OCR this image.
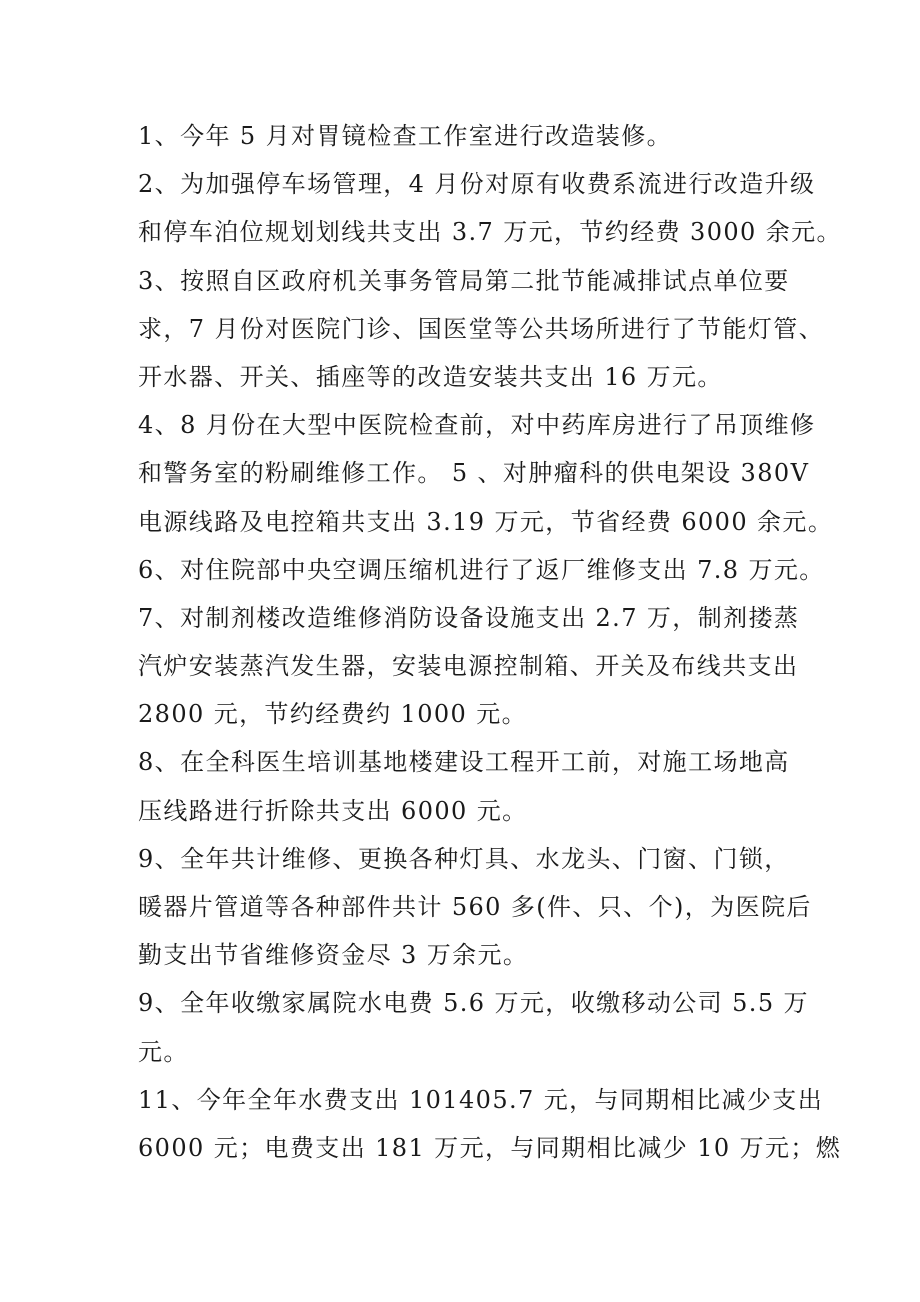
1、今年 5 月对胃镜检查工作室进行改造装修。
2、为加强停车场管理，4 月份对原有收费系流进行改造升级
和停车泊位规划划线共支出 3.7 万元，节约经费 3000 余元。
3、按照自区政府机关事务管局第二批节能减排试点单位要
求，7 月份对医院门诊、国医堂等公共场所进行了节能灯管、
开水器、开关、插座等的改造安装共支出 16 万元。
4、8 月份在大型中医院检查前，对中药库房进行了吊顶维修
和警务室的粉刷维修工作。 5 、对肿瘤科的供电架设 380V
电源线路及电控箱共支出 3.19 万元，节省经费 6000 余元。
6、对住院部中央空调压缩机进行了返厂维修支出 7.8 万元。
7、对制剂楼改造维修消防设备设施支出 2.7 万，制剂搂蒸
汽炉安装蒸汽发生器，安装电源控制箱、开关及布线共支出
2800 元，节约经费约 1000 元。
8、在全科医生培训基地楼建设工程开工前，对施工场地高
压线路进行折除共支出 6000 元。
9、全年共计维修、更换各种灯具、水龙头、门窗、门锁，
暖器片管道等各种部件共计 560 多(件、只、个)，为医院后
勤支出节省维修资金尽 3 万余元。
9、全年收缴家属院水电费 5.6 万元，收缴移动公司 5.5 万
元。
11、今年全年水费支出 101405.7 元，与同期相比减少支出
6000 元；电费支出 181 万元，与同期相比减少 10 万元；燃
